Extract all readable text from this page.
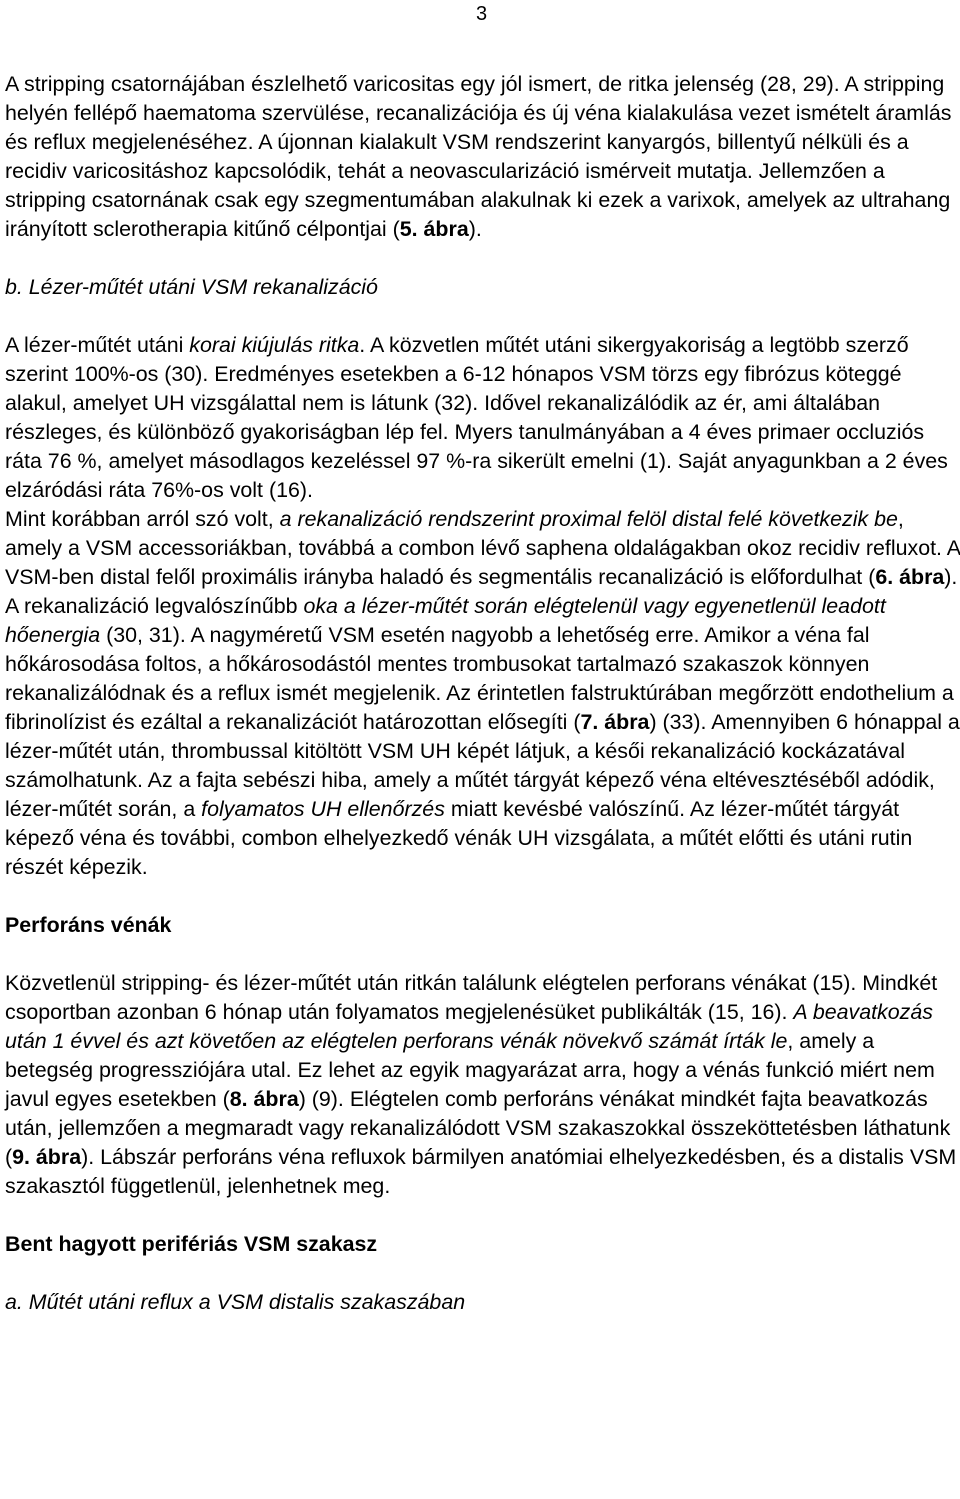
3

A stripping csatornájában észlelhető varicositas egy jól ismert, de ritka jelenség (28, 29). A stripping helyén fellépő haematoma szervülése, recanalizációja és új véna kialakulása vezet ismételt áramlás és reflux megjelenéséhez. A újonnan kialakult VSM rendszerint kanyargós, billentyű nélküli és a recidiv varicositáshoz kapcsolódik, tehát a neovascularizáció ismérveit mutatja. Jellemzően a stripping csatornának csak egy szegmentumában alakulnak ki ezek a varixok, amelyek az ultrahang irányított sclerotherapia kitűnő célpontjai (5. ábra).

b. Lézer-műtét utáni VSM rekanalizáció

A lézer-műtét utáni korai kiújulás ritka. A közvetlen műtét utáni sikergyakoriság a legtöbb szerző szerint 100%-os (30). Eredményes esetekben a 6-12 hónapos VSM törzs egy fibrózus köteggé alakul, amelyet UH vizsgálattal nem is látunk (32). Idővel rekanalizálódik az ér, ami általában részleges, és különböző gyakoriságban lép fel. Myers tanulmányában a 4 éves primaer occluziós ráta 76 %, amelyet másodlagos kezeléssel 97 %-ra sikerült emelni (1). Saját anyagunkban a 2 éves elzáródási ráta 76%-os volt (16).

Mint korábban arról szó volt, a rekanalizáció rendszerint proximal felöl distal felé következik be, amely a VSM accessoriákban, továbbá a combon lévő saphena oldalágakban okoz recidiv refluxot. A VSM-ben distal felől proximális irányba haladó és segmentális recanalizáció is előfordulhat (6. ábra). A rekanalizáció legvalószínűbb oka a lézer-műtét során elégtelenül vagy egyenetlenül leadott hőenergia (30, 31). A nagyméretű VSM esetén nagyobb a lehetőség erre. Amikor a véna fal hőkárosodása foltos, a hőkárosodástól mentes trombusokat tartalmazó szakaszok könnyen rekanalizálódnak és a reflux ismét megjelenik. Az érintetlen falstruktúrában megőrzött endothelium a fibrinolízist és ezáltal a rekanalizációt határozottan elősegíti (7. ábra) (33). Amennyiben 6 hónappal a lézer-műtét után, thrombussal kitöltött VSM UH képét látjuk, a késői rekanalizáció kockázatával számolhatunk. Az a fajta sebészi hiba, amely a műtét tárgyát képező véna eltévesztéséből adódik, lézer-műtét során, a folyamatos UH ellenőrzés miatt kevésbé valószínű. Az lézer-műtét tárgyát képező véna és további, combon elhelyezkedő vénák UH vizsgálata, a műtét előtti és utáni rutin részét képezik.

Perforáns vénák

Közvetlenül stripping- és lézer-műtét után ritkán találunk elégtelen perforans vénákat (15). Mindkét csoportban azonban 6 hónap után folyamatos megjelenésüket publikálták (15, 16). A beavatkozás után 1 évvel és azt követően az elégtelen perforans vénák növekvő számát írták le, amely a betegség progressziójára utal. Ez lehet az egyik magyarázat arra, hogy a vénás funkció miért nem javul egyes esetekben (8. ábra) (9). Elégtelen comb perforáns vénákat mindkét fajta beavatkozás után, jellemzően a megmaradt vagy rekanalizálódott VSM szakaszokkal összeköttetésben láthatunk (9. ábra). Lábszár perforáns véna refluxok bármilyen anatómiai elhelyezkedésben, és a distalis VSM szakasztól függetlenül, jelenhetnek meg.

Bent hagyott perifériás VSM szakasz

a. Műtét utáni reflux a VSM distalis szakaszában
